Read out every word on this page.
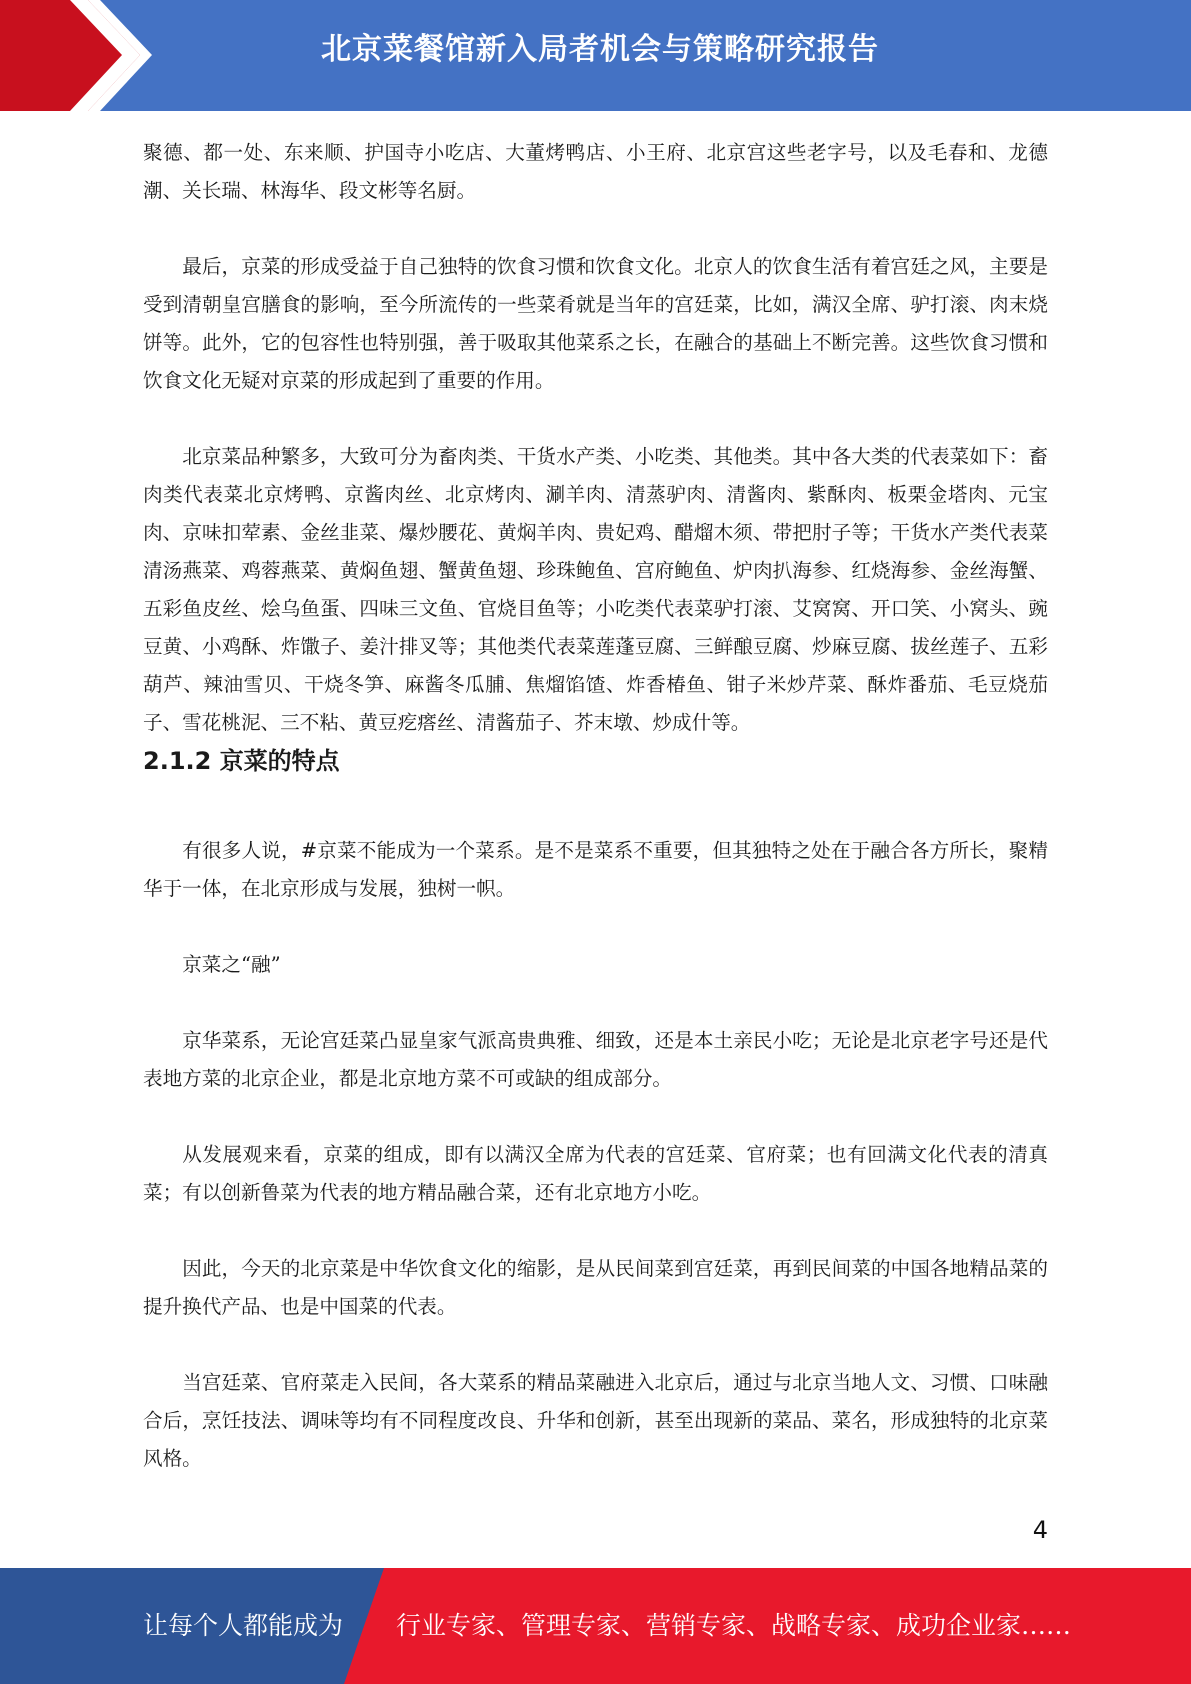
北京菜餐馆新入局者机会与策略研究报告

聚德、都一处、东来顺、护国寺小吃店、大董烤鸭店、小王府、北京宫这些老字号，以及毛春和、龙德潮、关长瑞、林海华、段文彬等名厨。

最后，京菜的形成受益于自己独特的饮食习惯和饮食文化。北京人的饮食生活有着宫廷之风，主要是受到清朝皇宫膳食的影响，至今所流传的一些菜肴就是当年的宫廷菜，比如，满汉全席、驴打滚、肉末烧饼等。此外，它的包容性也特别强，善于吸取其他菜系之长，在融合的基础上不断完善。这些饮食习惯和饮食文化无疑对京菜的形成起到了重要的作用。

北京菜品种繁多，大致可分为畜肉类、干货水产类、小吃类、其他类。其中各大类的代表菜如下：畜肉类代表菜北京烤鸭、京酱肉丝、北京烤肉、涮羊肉、清蒸驴肉、清酱肉、紫酥肉、板栗金塔肉、元宝肉、京味扣荤素、金丝韭菜、爆炒腰花、黄焖羊肉、贵妃鸡、醋熘木须、带把肘子等；干货水产类代表菜清汤燕菜、鸡蓉燕菜、黄焖鱼翅、蟹黄鱼翅、珍珠鲍鱼、宫府鲍鱼、炉肉扒海参、红烧海参、金丝海蟹、五彩鱼皮丝、烩乌鱼蛋、四味三文鱼、官烧目鱼等；小吃类代表菜驴打滚、艾窝窝、开口笑、小窝头、豌豆黄、小鸡酥、炸馓子、姜汁排叉等；其他类代表菜莲蓬豆腐、三鲜酿豆腐、炒麻豆腐、拔丝莲子、五彩葫芦、辣油雪贝、干烧冬笋、麻酱冬瓜脯、焦熘馅馇、炸香椿鱼、钳子米炒芹菜、酥炸番茄、毛豆烧茄子、雪花桃泥、三不粘、黄豆疙瘩丝、清酱茄子、芥末墩、炒成什等。

2.1.2 京菜的特点

有很多人说，#京菜不能成为一个菜系。是不是菜系不重要，但其独特之处在于融合各方所长，聚精华于一体，在北京形成与发展，独树一帜。

京菜之“融”

京华菜系，无论宫廷菜凸显皇家气派高贵典雅、细致，还是本土亲民小吃；无论是北京老字号还是代表地方菜的北京企业，都是北京地方菜不可或缺的组成部分。

从发展观来看，京菜的组成，即有以满汉全席为代表的宫廷菜、官府菜；也有回满文化代表的清真菜；有以创新鲁菜为代表的地方精品融合菜，还有北京地方小吃。

因此，今天的北京菜是中华饮食文化的缩影，是从民间菜到宫廷菜，再到民间菜的中国各地精品菜的提升换代产品、也是中国菜的代表。

当宫廷菜、官府菜走入民间，各大菜系的精品菜融进入北京后，通过与北京当地人文、习惯、口味融合后，烹饪技法、调味等均有不同程度改良、升华和创新，甚至出现新的菜品、菜名，形成独特的北京菜风格。

4
让每个人都能成为 行业专家、管理专家、营销专家、战略专家、成功企业家……
